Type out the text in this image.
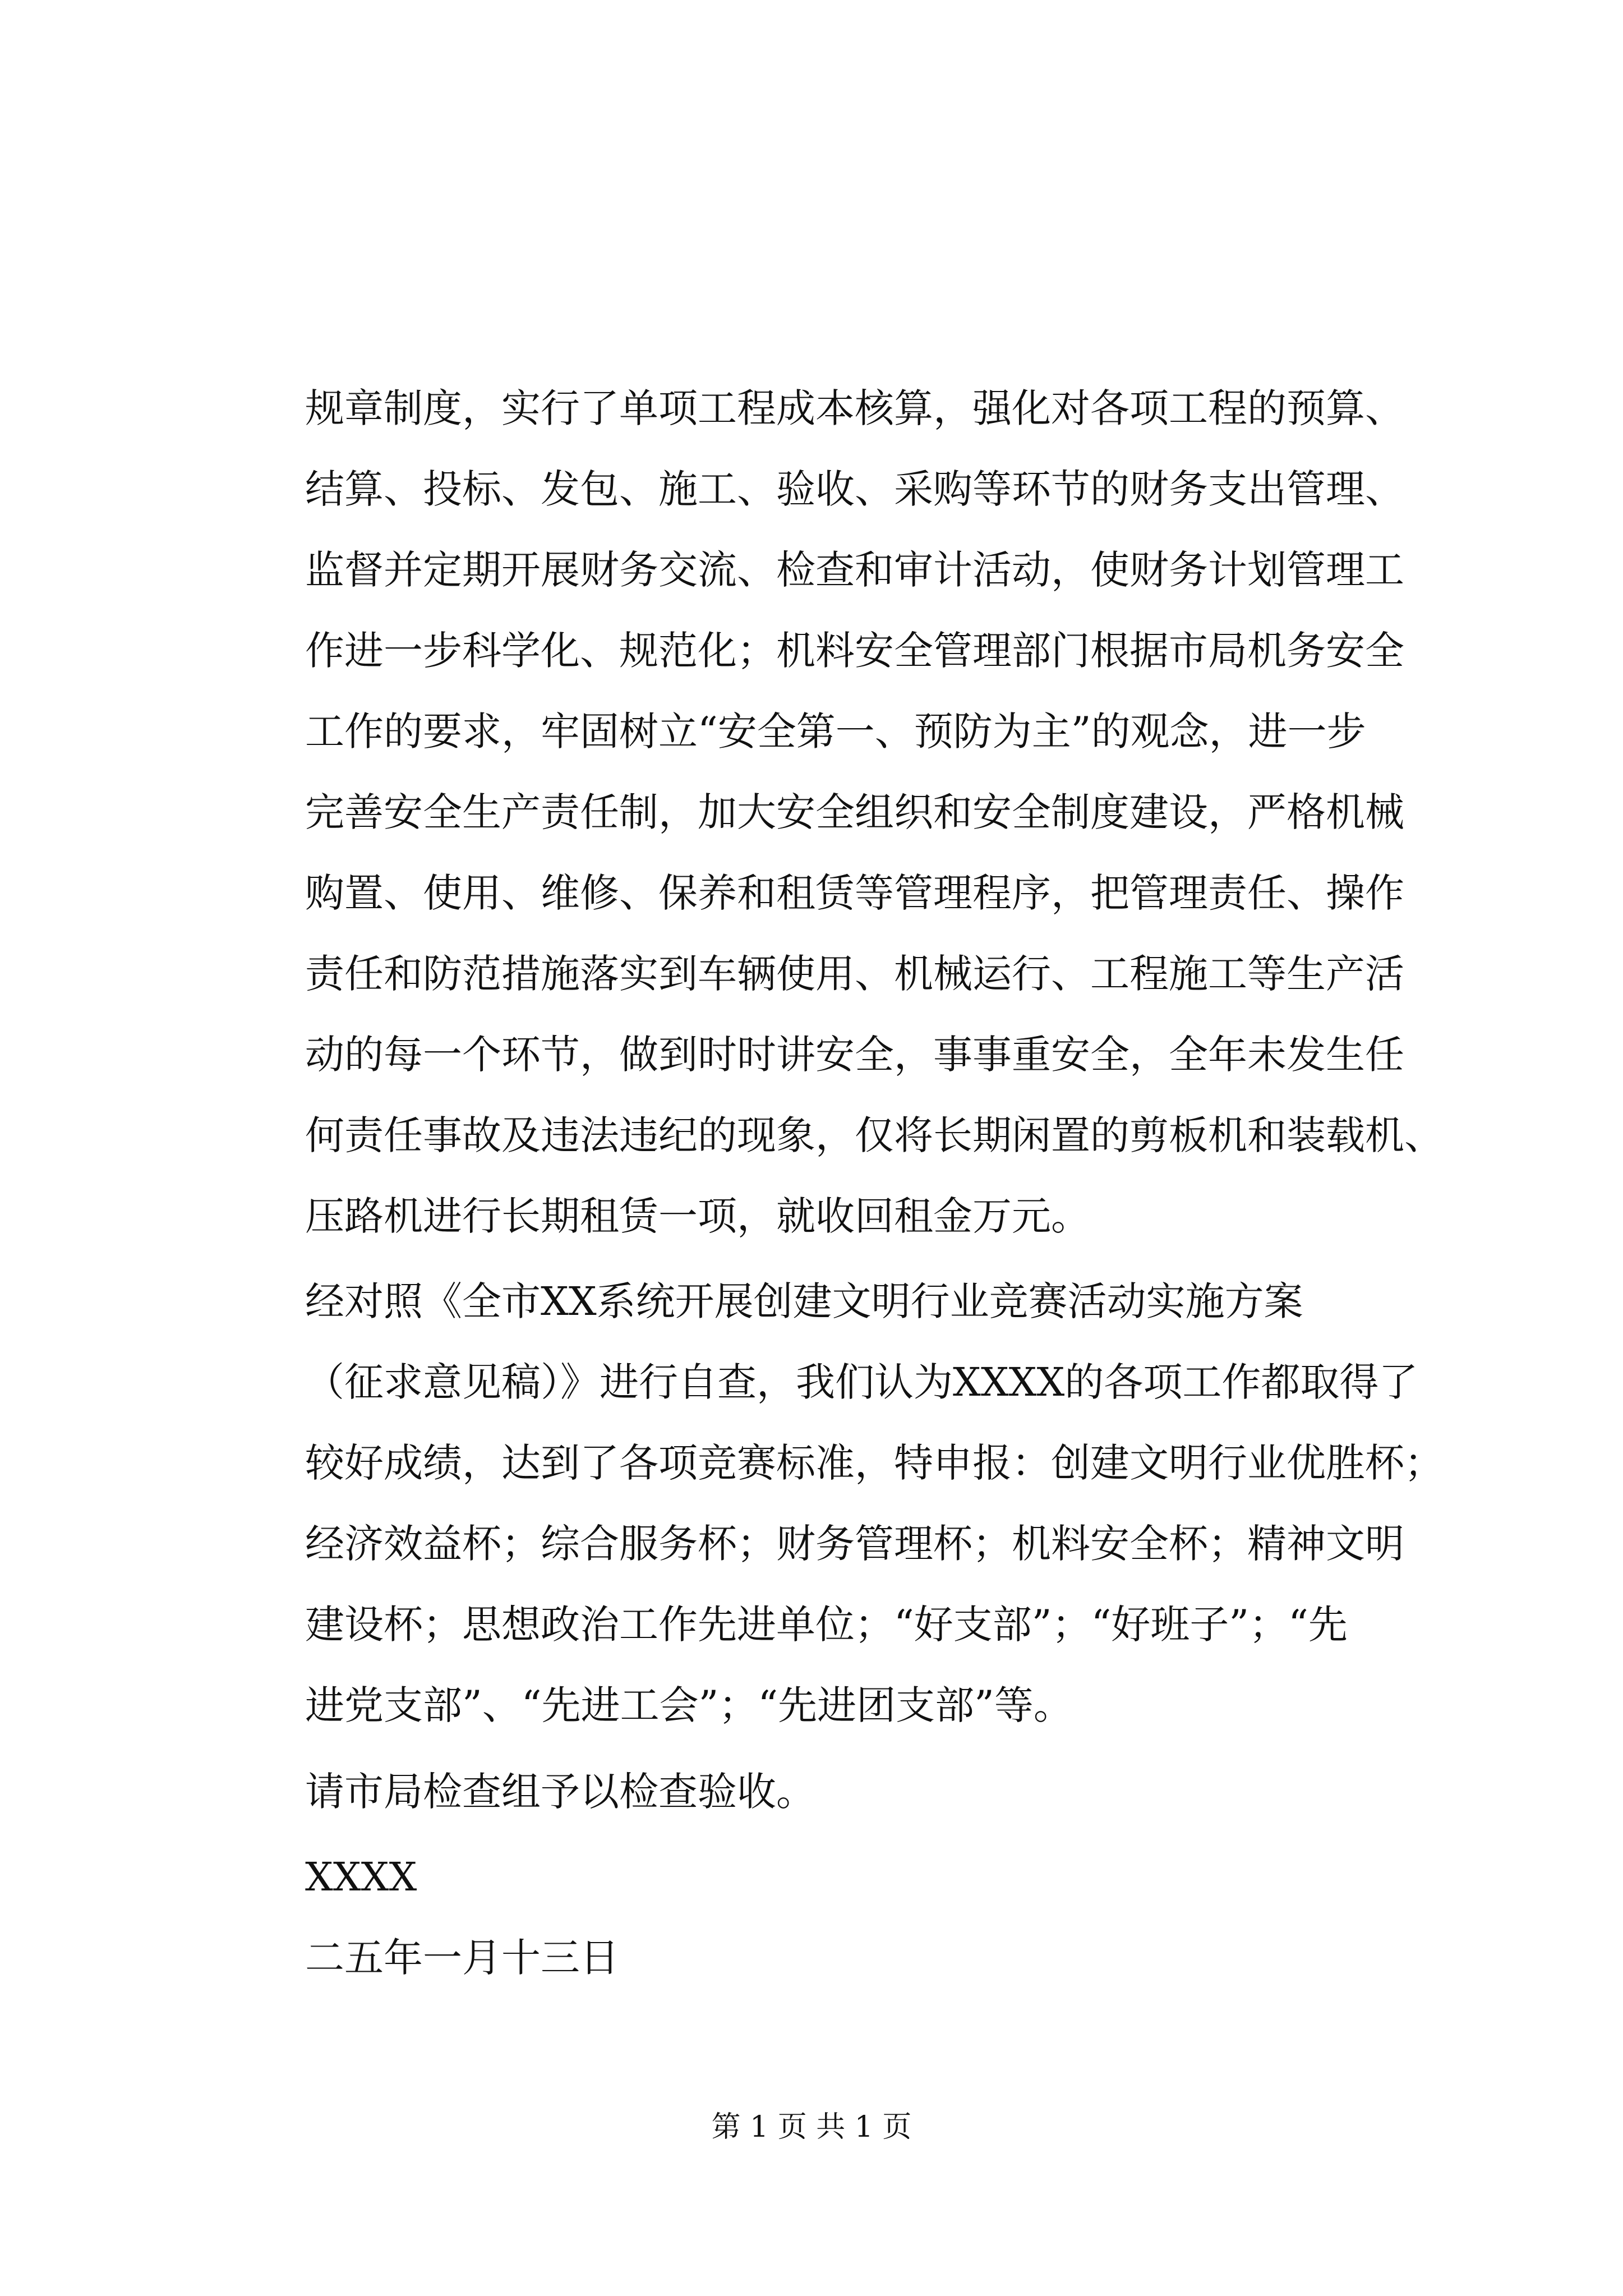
规章制度，实行了单项工程成本核算，强化对各项工程的预算、

结算、投标、发包、施工、验收、采购等环节的财务支出管理、

监督并定期开展财务交流、检查和审计活动，使财务计划管理工

作进一步科学化、规范化；机料安全管理部门根据市局机务安全

工作的要求，牢固树立“安全第一、预防为主”的观念，进一步

完善安全生产责任制，加大安全组织和安全制度建设，严格机械

购置、使用、维修、保养和租赁等管理程序，把管理责任、操作

责任和防范措施落实到车辆使用、机械运行、工程施工等生产活

动的每一个环节，做到时时讲安全，事事重安全，全年未发生任

何责任事故及违法违纪的现象，仅将长期闲置的剪板机和装载机、

压路机进行长期租赁一项，就收回租金万元。

经对照《全市XX系统开展创建文明行业竞赛活动实施方案

（征求意见稿）》进行自查，我们认为XXXX的各项工作都取得了

较好成绩，达到了各项竞赛标准，特申报：创建文明行业优胜杯；

经济效益杯；综合服务杯；财务管理杯；机料安全杯；精神文明

建设杯；思想政治工作先进单位；“好支部”；“好班子”；“先

进党支部”、“先进工会”；“先进团支部”等。

请市局检查组予以检查验收。

XXXX

二五年一月十三日

第 1 页 共 1 页
